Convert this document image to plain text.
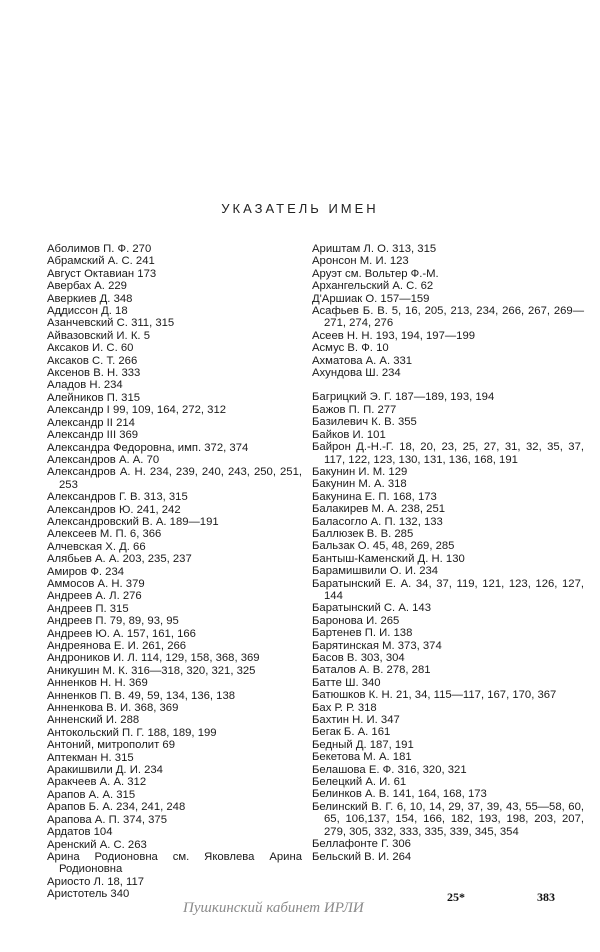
УКАЗАТЕЛЬ ИМЕН
Аболимов П. Ф. 270
Абрамский А. С. 241
Август Октавиан 173
Авербах А. 229
Аверкиев Д. 348
Аддиссон Д. 18
Азанчевский С. 311, 315
Айвазовский И. К. 5
Аксаков И. С. 60
Аксаков С. Т. 266
Аксенов В. Н. 333
Аладов Н. 234
Алейников П. 315
Александр I 99, 109, 164, 272, 312
Александр II 214
Александр III 369
Александра Федоровна, имп. 372, 374
Александров А. А. 70
Александров А. Н. 234, 239, 240, 243, 250, 251, 253
Александров Г. В. 313, 315
Александров Ю. 241, 242
Александровский В. А. 189—191
Алексеев М. П. 6, 366
Алчевская Х. Д. 66
Алябьев А. А. 203, 235, 237
Амиров Ф. 234
Аммосов А. Н. 379
Андреев А. Л. 276
Андреев П. 315
Андреев П. 79, 89, 93, 95
Андреев Ю. А. 157, 161, 166
Андреянова Е. И. 261, 266
Андроников И. Л. 114, 129, 158, 368, 369
Аникушин М. К. 316—318, 320, 321, 325
Анненков Н. Н. 369
Анненков П. В. 49, 59, 134, 136, 138
Анненкова В. И. 368, 369
Анненский И. 288
Антокольский П. Г. 188, 189, 199
Антоний, митрополит 69
Аптекман Н. 315
Аракишвили Д. И. 234
Аракчеев А. А. 312
Арапов А. А. 315
Арапов Б. А. 234, 241, 248
Арапова А. П. 374, 375
Ардатов 104
Аренский А. С. 263
Арина Родионовна см. Яковлева Арина Родионовна
Ариосто Л. 18, 117
Аристотель 340
Ариштам Л. О. 313, 315
Аронсон М. И. 123
Аруэт см. Вольтер Ф.-М.
Архангельский А. С. 62
Д'Аршиак О. 157—159
Асафьев Б. В. 5, 16, 205, 213, 234, 266, 267, 269—271, 274, 276
Асеев Н. Н. 193, 194, 197—199
Асмус В. Ф. 10
Ахматова А. А. 331
Ахундова Ш. 234
Багрицкий Э. Г. 187—189, 193, 194
Бажов П. П. 277
Базилевич К. В. 355
Байков И. 101
Байрон Д.-Н.-Г. 18, 20, 23, 25, 27, 31, 32, 35, 37, 117, 122, 123, 130, 131, 136, 168, 191
Бакунин И. М. 129
Бакунин М. А. 318
Бакунина Е. П. 168, 173
Балакирев М. А. 238, 251
Баласогло А. П. 132, 133
Баллюзек В. В. 285
Бальзак О. 45, 48, 269, 285
Бантыш-Каменский Д. Н. 130
Барамишвили О. И. 234
Баратынский Е. А. 34, 37, 119, 121, 123, 126, 127, 144
Баратынский С. А. 143
Баронова И. 265
Бартенев П. И. 138
Барятинская М. 373, 374
Басов В. 303, 304
Баталов А. В. 278, 281
Батте Ш. 340
Батюшков К. Н. 21, 34, 115—117, 167, 170, 367
Бах Р. Р. 318
Бахтин Н. И. 347
Бегак Б. А. 161
Бедный Д. 187, 191
Бекетова М. А. 181
Белашова Е. Ф. 316, 320, 321
Белецкий А. И. 61
Белинков А. В. 141, 164, 168, 173
Белинский В. Г. 6, 10, 14, 29, 37, 39, 43, 55—58, 60, 65, 106,137, 154, 166, 182, 193, 198, 203, 207, 279, 305, 332, 333, 335, 339, 345, 354
Беллафонте Г. 306
Бельский В. И. 264
25*	383
Пушкинский кабинет ИРЛИ
